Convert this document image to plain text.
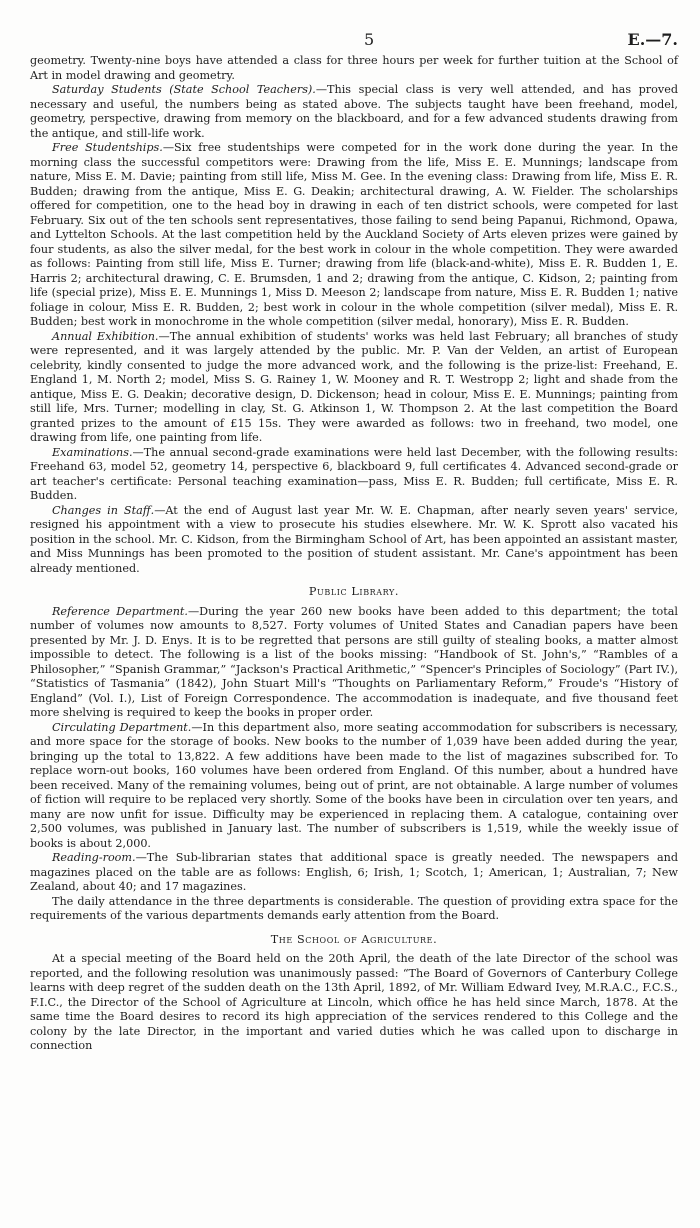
5	E.—7.

geometry. Twenty-nine boys have attended a class for three hours per week for further tuition at the School of Art in model drawing and geometry.

Saturday Students (State School Teachers).—This special class is very well attended, and has proved necessary and useful, the numbers being as stated above. The subjects taught have been freehand, model, geometry, perspective, drawing from memory on the blackboard, and for a few advanced students drawing from the antique, and still-life work.

Free Studentships.—Six free studentships were competed for in the work done during the year. In the morning class the successful competitors were: Drawing from the life, Miss E. E. Munnings; landscape from nature, Miss E. M. Davie; painting from still life, Miss M. Gee. In the evening class: Drawing from life, Miss E. R. Budden; drawing from the antique, Miss E. G. Deakin; architectural drawing, A. W. Fielder. The scholarships offered for competition, one to the head boy in drawing in each of ten district schools, were competed for last February. Six out of the ten schools sent representatives, those failing to send being Papanui, Richmond, Opawa, and Lyttelton Schools. At the last competition held by the Auckland Society of Arts eleven prizes were gained by four students, as also the silver medal, for the best work in colour in the whole competition. They were awarded as follows: Painting from still life, Miss E. Turner; drawing from life (black-and-white), Miss E. R. Budden 1, E. Harris 2; architectural drawing, C. E. Brumsden, 1 and 2; drawing from the antique, C. Kidson, 2; painting from life (special prize), Miss E. E. Munnings 1, Miss D. Meeson 2; landscape from nature, Miss E. R. Budden 1; native foliage in colour, Miss E. R. Budden, 2; best work in colour in the whole competition (silver medal), Miss E. R. Budden; best work in monochrome in the whole competition (silver medal, honorary), Miss E. R. Budden.

Annual Exhibition.—The annual exhibition of students' works was held last February; all branches of study were represented, and it was largely attended by the public. Mr. P. Van der Velden, an artist of European celebrity, kindly consented to judge the more advanced work, and the following is the prize-list: Freehand, E. England 1, M. North 2; model, Miss S. G. Rainey 1, W. Mooney and R. T. Westropp 2; light and shade from the antique, Miss E. G. Deakin; decorative design, D. Dickenson; head in colour, Miss E. E. Munnings; painting from still life, Mrs. Turner; modelling in clay, St. G. Atkinson 1, W. Thompson 2. At the last competition the Board granted prizes to the amount of £15 15s. They were awarded as follows: two in freehand, two model, one drawing from life, one painting from life.

Examinations.—The annual second-grade examinations were held last December, with the following results: Freehand 63, model 52, geometry 14, perspective 6, blackboard 9, full certificates 4. Advanced second-grade or art teacher's certificate: Personal teaching examination—pass, Miss E. R. Budden; full certificate, Miss E. R. Budden.

Changes in Staff.—At the end of August last year Mr. W. E. Chapman, after nearly seven years' service, resigned his appointment with a view to prosecute his studies elsewhere. Mr. W. K. Sprott also vacated his position in the school. Mr. C. Kidson, from the Birmingham School of Art, has been appointed an assistant master, and Miss Munnings has been promoted to the position of student assistant. Mr. Cane's appointment has been already mentioned.

Public Library.

Reference Department.—During the year 260 new books have been added to this department; the total number of volumes now amounts to 8,527. Forty volumes of United States and Canadian papers have been presented by Mr. J. D. Enys. It is to be regretted that persons are still guilty of stealing books, a matter almost impossible to detect. The following is a list of the books missing: “Handbook of St. John's,” “Rambles of a Philosopher,” “Spanish Grammar,” “Jackson's Practical Arithmetic,” “Spencer's Principles of Sociology” (Part IV.), “Statistics of Tasmania” (1842), John Stuart Mill's “Thoughts on Parliamentary Reform,” Froude's “History of England” (Vol. I.), List of Foreign Correspondence. The accommodation is inadequate, and five thousand feet more shelving is required to keep the books in proper order.

Circulating Department.—In this department also, more seating accommodation for subscribers is necessary, and more space for the storage of books. New books to the number of 1,039 have been added during the year, bringing up the total to 13,822. A few additions have been made to the list of magazines subscribed for. To replace worn-out books, 160 volumes have been ordered from England. Of this number, about a hundred have been received. Many of the remaining volumes, being out of print, are not obtainable. A large number of volumes of fiction will require to be replaced very shortly. Some of the books have been in circulation over ten years, and many are now unfit for issue. Difficulty may be experienced in replacing them. A catalogue, containing over 2,500 volumes, was published in January last. The number of subscribers is 1,519, while the weekly issue of books is about 2,000.

Reading-room.—The Sub-librarian states that additional space is greatly needed. The newspapers and magazines placed on the table are as follows: English, 6; Irish, 1; Scotch, 1; American, 1; Australian, 7; New Zealand, about 40; and 17 magazines.

The daily attendance in the three departments is considerable. The question of providing extra space for the requirements of the various departments demands early attention from the Board.

The School of Agriculture.

At a special meeting of the Board held on the 20th April, the death of the late Director of the school was reported, and the following resolution was unanimously passed: “The Board of Governors of Canterbury College learns with deep regret of the sudden death on the 13th April, 1892, of Mr. William Edward Ivey, M.R.A.C., F.C.S., F.I.C., the Director of the School of Agriculture at Lincoln, which office he has held since March, 1878. At the same time the Board desires to record its high appreciation of the services rendered to this College and the colony by the late Director, in the important and varied duties which he was called upon to discharge in connection
